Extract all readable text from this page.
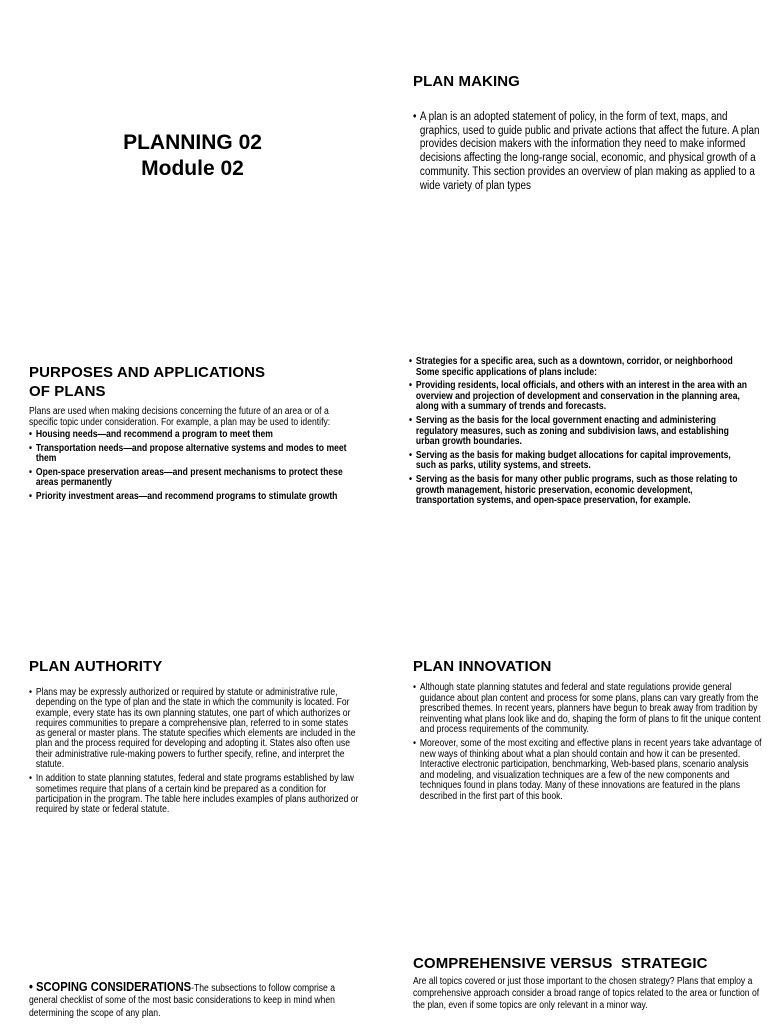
PLANNING 02
Module 02
PLAN MAKING
• A plan is an adopted statement of policy, in the form of text, maps, and graphics, used to guide public and private actions that affect the future. A plan provides decision makers with the information they need to make informed decisions affecting the long-range social, economic, and physical growth of a community. This section provides an overview of plan making as applied to a wide variety of plan types
PURPOSES AND APPLICATIONS
OF PLANS

Plans are used when making decisions concerning the future of an area or of a specific topic under consideration. For example, a plan may be used to identify:

• Housing needs—and recommend a program to meet them
• Transportation needs—and propose alternative systems and modes to meet them
• Open-space preservation areas—and present mechanisms to protect these areas permanently
• Priority investment areas—and recommend programs to stimulate growth
• Strategies for a specific area, such as a downtown, corridor, or neighborhood Some specific applications of plans include:
• Providing residents, local officials, and others with an interest in the area with an overview and projection of development and conservation in the planning area, along with a summary of trends and forecasts.
• Serving as the basis for the local government enacting and administering regulatory measures, such as zoning and subdivision laws, and establishing urban growth boundaries.
• Serving as the basis for making budget allocations for capital improvements, such as parks, utility systems, and streets.
• Serving as the basis for many other public programs, such as those relating to growth management, historic preservation, economic development, transportation systems, and open-space preservation, for example.
PLAN AUTHORITY
• Plans may be expressly authorized or required by statute or administrative rule, depending on the type of plan and the state in which the community is located. For example, every state has its own planning statutes, one part of which authorizes or requires communities to prepare a comprehensive plan, referred to in some states as general or master plans. The statute specifies which elements are included in the plan and the process required for developing and adopting it. States also often use their administrative rule-making powers to further specify, refine, and interpret the statute.
• In addition to state planning statutes, federal and state programs established by law sometimes require that plans of a certain kind be prepared as a condition for participation in the program. The table here includes examples of plans authorized or required by state or federal statute.
PLAN INNOVATION
• Although state planning statutes and federal and state regulations provide general guidance about plan content and process for some plans, plans can vary greatly from the prescribed themes. In recent years, planners have begun to break away from tradition by reinventing what plans look like and do, shaping the form of plans to fit the unique content and process requirements of the community.
• Moreover, some of the most exciting and effective plans in recent years take advantage of new ways of thinking about what a plan should contain and how it can be presented. Interactive electronic participation, benchmarking, Web-based plans, scenario analysis and modeling, and visualization techniques are a few of the new components and techniques found in plans today. Many of these innovations are featured in the plans described in the first part of this book.

• SCOPING CONSIDERATIONS-The subsections to follow comprise a general checklist of some of the most basic considerations to keep in mind when determining the scope of any plan.

COMPREHENSIVE VERSUS  STRATEGIC

Are all topics covered or just those important to the chosen strategy? Plans that employ a comprehensive approach consider a broad range of topics related to the area or function of the plan, even if some topics are only relevant in a minor way.
